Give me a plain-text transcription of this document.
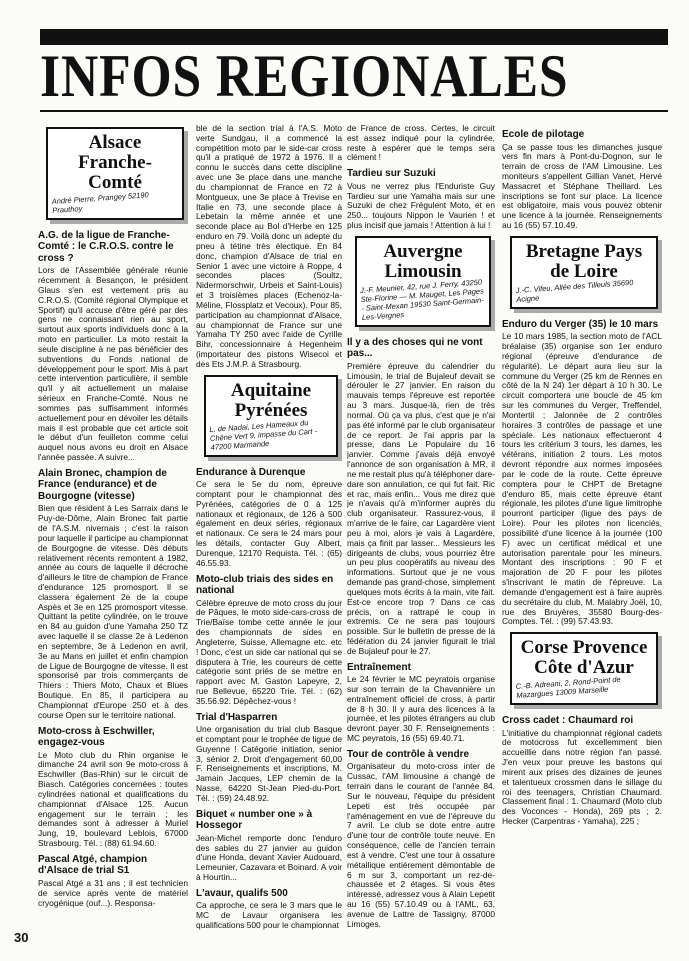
INFOS REGIONALES
Alsace Franche-Comté
André Pierre, Prangey 52190 Prauthoy
A.G. de la ligue de Franche-Comté : le C.R.O.S. contre le cross ?

Lors de l'Assemblée générale réunie récemment à Besançon, le président Glaus s'en est vertement pris au C.R.O.S. (Comité régional Olympique et Sportif) qu'il accuse d'être géré par des gens ne connaissant rien au sport, surtout aux sports individuels donc à la moto en particulier. La moto restait la seule discipline à ne pas bénéficier des subventions du Fonds national de développement pour le sport. Mis à part cette intervention particulière, il semble qu'il y ait actuellement un malaise sérieux en Franche-Comté. Nous ne sommes pas suffisamment informés actuellement pour en dévoiler les détails mais il est probable que cet article soit le début d'un feuilleton comme celui auquel nous avons eu droit en Alsace l'année passée. A suivre...

Alain Bronec, champion de France (endurance) et de Bourgogne (vitesse)

Bien que résident à Les Sarraix dans le Puy-de-Dôme, Alain Bronec fait partie de l'A.S.M. nivernais ; c'est la raison pour laquelle il participe au championnat de Bourgogne de vitesse. Dès débuts relativement récents remontent à 1982, année au cours de laquelle il décroche d'ailleurs le titre de champion de France d'endurance 125 promosport. Il se classera également 2e de la coupe Aspès et 3e en 125 promosport vitesse. Quittant la petite cylindrée, on le trouve en 84 au guidon d'une Yamaha 250 TZ avec laquelle il se classe 2e à Ledenon en septembre, 3e à Ledenon en avril, 3e au Mans en juillet et enfin champion de Ligue de Bourgogne de vitesse. Il est sponsorisé par trois commerçants de Thiers : Thiers Moto, Chaux et Blues Boutique. En 85, il participera au Championnat d'Europe 250 et à des course Open sur le territoire national.

Moto-cross à Eschwiller, engagez-vous

Le Moto club du Rhin organise le dimanche 24 avril son 9e moto-cross à Eschwiller (Bas-Rhin) sur le circuit de Biasch. Catégories concernées : toutes cylindrées national et qualifications du championnat d'Alsace 125. Aucun engagement sur le terrain ; les demandes sont à adresser à Muriel Jung, 19, boulevard Leblois, 67000 Strasbourg. Tél. : (88) 61.94.60.

Pascal Atgé, champion d'Alsace de trial S1

Pascal Atgé a 31 ans ; il est technicien de service après vente de matériel cryogénique (ouf...). Responsa-

ble de la section trial à l'A.S. Moto verte Sundgau, il a commencé la compétition moto par le side-car cross qu'il a pratiqué de 1972 à 1976. Il a connu le succès dans cette discipline avec une 3e place dans une manche du championnat de France en 72 à Montgueux, une 3e place à Trevise en Italie en 73, une seconde place à Lebetain la même année et une seconde place au Bol d'Herbe en 125 enduro en 79. Voilà donc un adepte du pneu à tétine très électique. En 84 donc, champion d'Alsace de trial en Senior 1 avec une victoire à Roppe, 4 secondes places (Soultz, Nidermorschwir, Urbeis et Saint-Louis) et 3 troisièmes places (Echenoz-la-Méline, Flossplatz et Vecoux). Pour 85, participation au championnat d'Alsace, au championnat de France sur une Yamaha TY 250 avec l'aide de Cyrille Bihr, concessionnaire à Hegenheim (importateur des pistons Wisecoi et des Ets J.M.P. à Strasbourg.

Aquitaine Pyrénées
L. de Nadai, Les Hameaux du Chêne Vert 9, impasse du Cart - 47200 Marmande
Endurance à Durenque

Ce sera le 5e du nom, épreuve comptant pour le championnat des Pyrénées, catégories de 0 à 125 nationaux et régionaux, de 126 à 500 également en deux séries, régionaux et nationaux. Ce sera le 24 mars pour les détails, contacter Guy Albert, Durenque, 12170 Requista. Tél. : (65) 46.55.93.

Moto-club triais des sides en national

Célèbre épreuve de moto cross du jour de Pâques, le moto side-cars-cross de Trie/Baïse tombe cette année le jour des championnats de sides en Angleterre, Suisse, Allemagne etc. etc ! Donc, c'est un side car national qui se disputera à Trie, les coureurs de cette catégorie sont priés de se mettre en rapport avec M. Gaston Lapeyre, 2, rue Bellevue, 65220 Trie. Tél. : (62) 35.56.92. Dépêchez-vous !

Trial d'Hasparren

Une organisation du trial club Basque et comptant pour le trophée de ligue de Guyenne ! Catégorie initiation, senior 3, sénior 2. Droit d'engagement 60,00 F. Renseignements et inscriptions, M. Jamain Jacques, LEP chemin de la Nasse, 64220 St-Jean Pied-du-Port. Tél. : (59) 24.48.92.

Biquet « number one » à Hossegor

Jean-Michel remporte donc l'enduro des sables du 27 janvier au guidon d'une Honda, devant Xavier Audouard, Lemeunier, Cazavara et Boinard. A voir à Hourtin...

L'avaur, qualifs 500

Ca approche, ce sera le 3 mars que le MC de Lavaur organisera les qualifications 500 pour le championnat

de France de cross. Certes, le circuit est assez indiqué pour la cylindrée, reste à espérer que le temps sera clément !

Tardieu sur Suzuki

Vous ne verrez plus l'Enduriste Guy Tardieu sur une Yamaha mais sur une Suzuki de chez Frégulent Moto, et en 250... toujours Nippon le Vaurien ! et plus incisif que jamais ! Attention à lui !

Auvergne Limousin
J.-F. Meunier, 42, rue J. Ferry, 43250 Ste-Florine — M. Mauget, Les Pages - Saint-Mexan 19530 Saint-Germain-Les-Vergnes
Il y a des choses qui ne vont pas...

Première épreuve du calendrier du Limousin, le trial de Bujaleuf devait se dérouler le 27 janvier. En raison du mauvais temps l'épreuve est reportée au 3 mars. Jusque-là, rien de très normal. Où ça va plus, c'est que je n'ai pas été informé par le club organisateur de ce report. Je l'ai appris par la presse, dans Le Populaire du 16 janvier. Comme j'avais déjà envoyé l'annonce de son organisation à MR, il ne me restait plus qu'à téléphoner dare-dare son annulation, ce qui fut fait. Ric et rac, mais enfin... Vous me direz que je n'avais qu'à m'informer auprès du club organisateur. Rassurez-vous, il m'arrive de le faire, car Lagardère vient peu à moi, alors je vais à Lagardère, mais ça finit par lasser... Messieurs les dirigeants de clubs, vous pourriez être un peu plus coopératifs au niveau des informations. Surtout que je ne vous demande pas grand-chose, simplement quelques mots écrits à la main, vite fait. Est-ce encore trop ? Dans ce cas précis, on a rattrapé le coup in extremis. Ce ne sera pas toujours possible. Sur le bulletin de presse de la fédération du 24 janvier figurait le trial de Bujaleuf pour le 27.

Entraînement

Le 24 février le MC peyratois organise sur son terrain de la Chavannière un entraînement officiel de cross, à partir de 8 h 30. Il y aura des licences à la journée, et les pilotes étrangers au club devront payer 30 F. Renseignements : MC peyratois, 16 (55) 69.40.71.

Tour de contrôle à vendre

Organisateur du moto-cross inter de Cussac, l'AM limousine a changé de terrain dans le courant de l'année 84. Sur le nouveau, l'équipe du président Lepeti est très occupée par l'aménagement en vue de l'épreuve du 7 avril. Le club se dote entre autre d'une tour de contrôle toute neuve. En conséquence, celle de l'ancien terrain est à vendre. C'est une tour à ossature métallique entièrement démontable de 6 m sur 3, comportant un rez-de-chaussée et 2 étages. Si vous êtes intéressé, adressez vous à Alain Lepetit au 16 (55) 57.10.49 ou à l'AML, 63, avenue de Lattre de Tassigny, 87000 Limoges.

Ecole de pilotage

Ça se passe tous les dimanches jusque vers fin mars à Pont-du-Dognon, sur le terrain de cross de l'AM Limousine. Les moniteurs s'appellent Gillian Vanet, Hervé Massacret et Stéphane Theillard. Les inscriptions se font sur place. La licence est obligatoire, mais vous pouvez obtenir une licence à la journée. Renseignements au 16 (55) 57.10.49.

Bretagne Pays de Loire
J.-C. Vifeu, Allée des Tilleuls 35690 Acigne
Enduro du Verger (35) le 10 mars

Le 10 mars 1985, la section moto de l'ACL bréalaise (35) organise son 1er enduro régional (épreuve d'endurance de régularité). Le départ aura lieu sur la commune du Verger (25 km de Rennes en côté de la N 24) 1er départ à 10 h 30. Le circuit comportera une boucle de 45 km sur les communes du Verger, Treffendel, Montertil ; Jalonnée de 2 contrôles horaires 3 contrôles de passage et une spéciale. Les nationaux effectueront 4 tours les critérium 3 tours, les dames, les vétérans, initiation 2 tours. Les motos devront répondre aux normes imposées par le code de la route. Cette épreuve comptera pour le CHPT de Bretagne d'enduro 85, mais cette épreuve étant régionale, les pilotes d'une ligue limitrophe pourront participer (ligue des pays de Loire). Pour les pilotes non licenciés, possibilité d'une licence à la journée (100 F) avec un certificat médical et une autorisation parentale pour les mineurs. Montant des inscriptions : 90 F et majoration de 20 F pour les pilotes s'inscrivant le matin de l'épreuve. La demande d'engagement est à faire auprès du secrétaire du club, M. Malabry Joël, 10, rue des Bruyères, 35580 Bourg-des-Comptes. Tél. : (99) 57.43.93.

Corse Provence Côte d'Azur
C.-B. Adreani, 2, Rond-Point de Mazargues 13009 Marseille
Cross cadet : Chaumard roi

L'initiative du championnat régional cadets de motocross fut excellemment bien accueillie dans notre région l'an passé. J'en veux pour preuve les bastons qui mirent aux prises des dizaines de jeunes et talentueux crossmen dans le sillage du roi des teenagers, Christian Chaumard. Classement final : 1. Chaumard (Moto club des Voconces - Honda), 269 pts ; 2. Hecker (Carpentras - Yamaha), 225 ;

30
